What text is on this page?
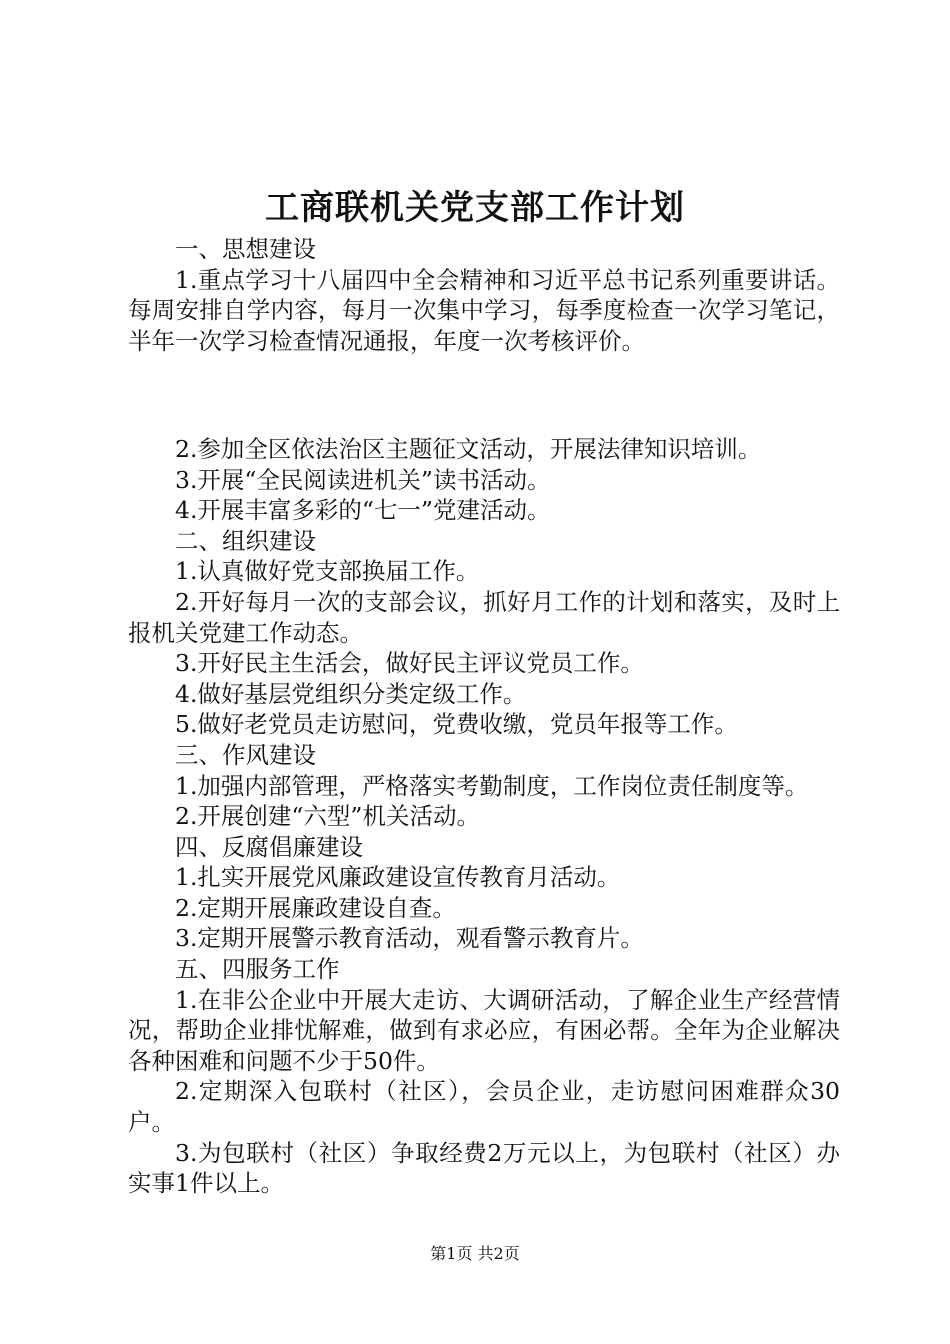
工商联机关党支部工作计划

一、思想建设

1.重点学习十八届四中全会精神和习近平总书记系列重要讲话。每周安排自学内容，每月一次集中学习，每季度检查一次学习笔记，半年一次学习检查情况通报，年度一次考核评价。

2.参加全区依法治区主题征文活动，开展法律知识培训。

3.开展“全民阅读进机关”读书活动。

4.开展丰富多彩的“七一”党建活动。

二、组织建设

1.认真做好党支部换届工作。

2.开好每月一次的支部会议，抓好月工作的计划和落实，及时上报机关党建工作动态。

3.开好民主生活会，做好民主评议党员工作。

4.做好基层党组织分类定级工作。

5.做好老党员走访慰问，党费收缴，党员年报等工作。

三、作风建设

1.加强内部管理，严格落实考勤制度，工作岗位责任制度等。

2.开展创建“六型”机关活动。

四、反腐倡廉建设

1.扎实开展党风廉政建设宣传教育月活动。

2.定期开展廉政建设自查。

3.定期开展警示教育活动，观看警示教育片。

五、四服务工作

1.在非公企业中开展大走访、大调研活动，了解企业生产经营情况，帮助企业排忧解难，做到有求必应，有困必帮。全年为企业解决各种困难和问题不少于50件。

2.定期深入包联村（社区），会员企业，走访慰问困难群众30户。

3.为包联村（社区）争取经费2万元以上，为包联村（社区）办实事1件以上。

第1页 共2页
